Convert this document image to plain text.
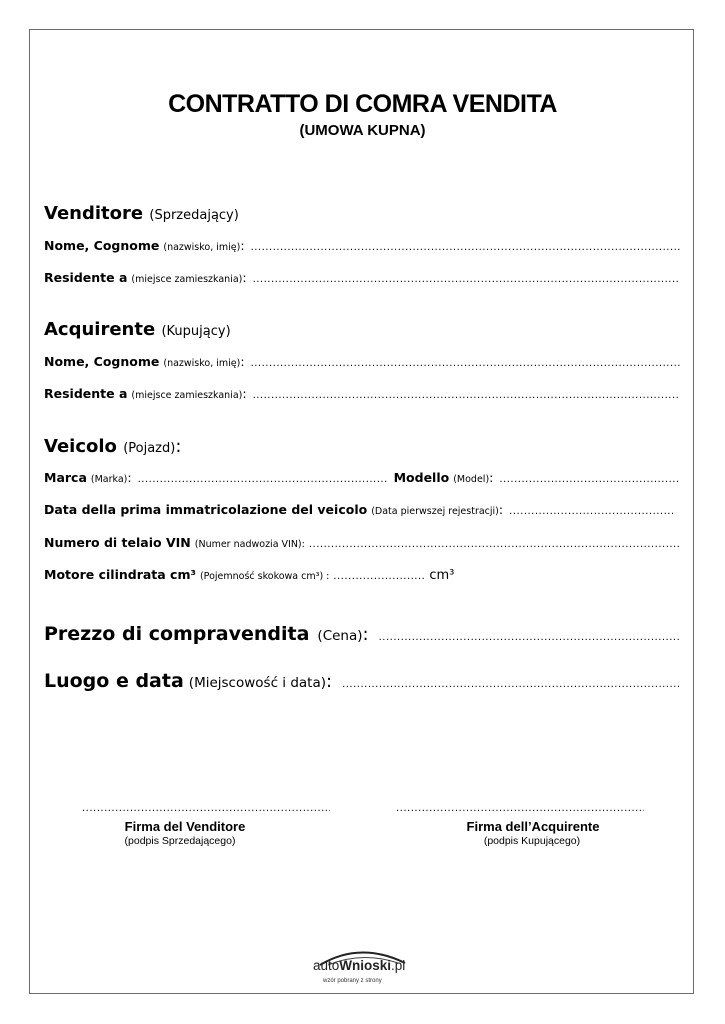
CONTRATTO DI COMRA VENDITA
(UMOWA KUPNA)
Venditore (Sprzedający)
Nome, Cognome (nazwisko, imię) :
.....
Residente a (miejsce zamieszkania) :
.....
Acquirente (Kupujący)
Nome, Cognome (nazwisko, imię) :
.....
Residente a (miejsce zamieszkania) :
.....
Veicolo (Pojazd):
Marca (Marka) : .....	Modello (Model) :
.....
Data della prima immatricolazione del veicolo (Data pierwszej rejestracji) :
.....
Numero di telaio VIN (Numer nadwozia VIN):
.....
Motore cilindrata cm³ (Pojemność skokowa cm³) : .....	cm³
Prezzo di compravendita (Cena) :
.....
Luogo e data (Miejscowość i data) :
.....
.....
Firma del Venditore
(podpis Sprzedającego)
.....
Firma dell’Acquirente
(podpis Kupującego)
autoWnioski.pl
wzór pobrany z strony
